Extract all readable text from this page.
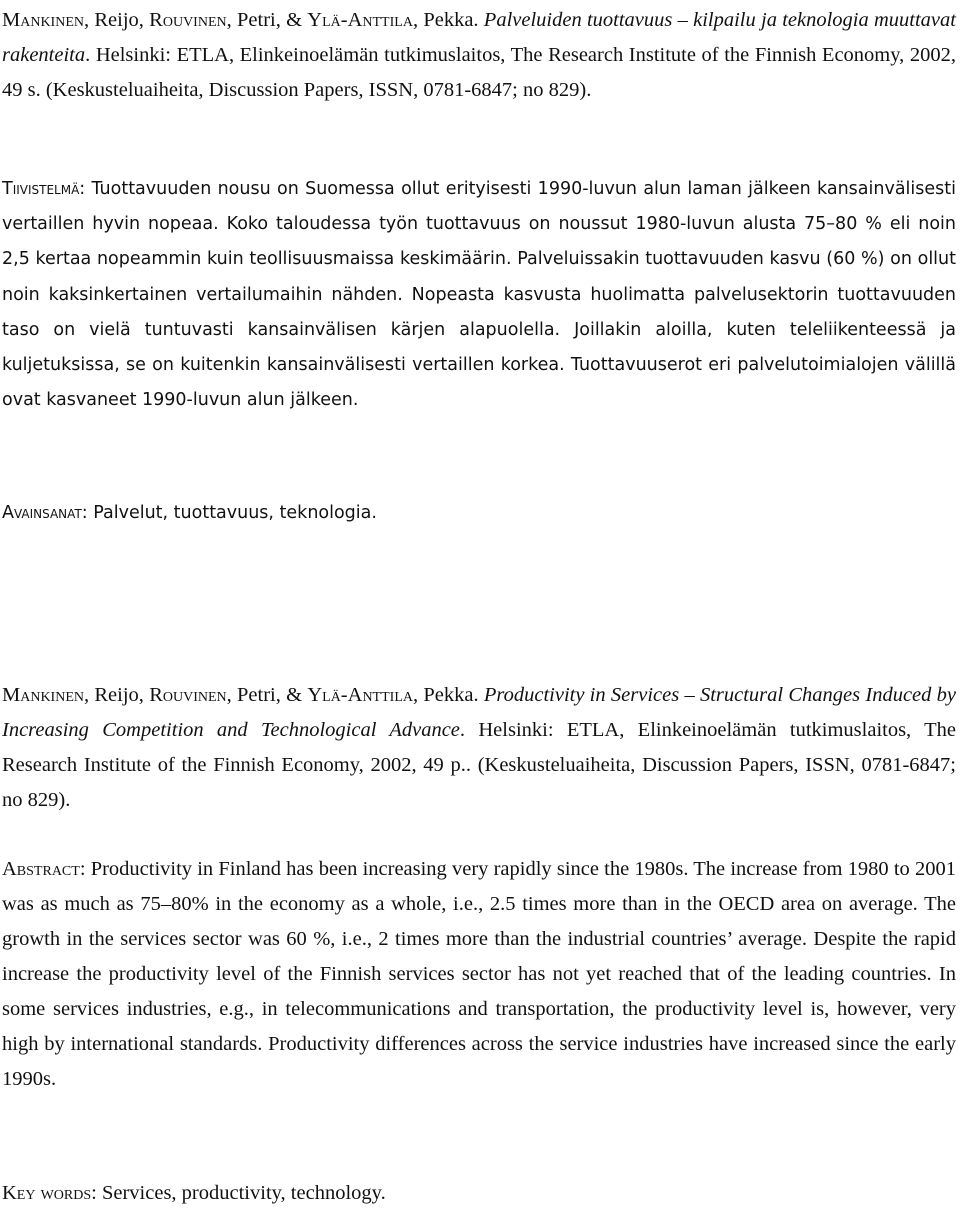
Mankinen, Reijo, Rouvinen, Petri, & Ylä-Anttila, Pekka. Palveluiden tuottavuus – kilpailu ja teknologia muuttavat rakenteita. Helsinki: ETLA, Elinkeinoelämän tutkimuslaitos, The Research Institute of the Finnish Economy, 2002, 49 s. (Keskusteluaiheita, Discussion Papers, ISSN, 0781-6847; no 829).

Tiivistelmä: Tuottavuuden nousu on Suomessa ollut erityisesti 1990-luvun alun laman jälkeen kansainvälisesti vertaillen hyvin nopeaa. Koko taloudessa työn tuottavuus on noussut 1980-luvun alusta 75–80 % eli noin 2,5 kertaa nopeammin kuin teollisuusmaissa keskimäärin. Palveluissakin tuottavuuden kasvu (60 %) on ollut noin kaksinkertainen vertailumaihin nähden. Nopeasta kasvusta huolimatta palvelusektorin tuottavuuden taso on vielä tuntuvasti kansainvälisen kärjen alapuolella. Joillakin aloilla, kuten teleliikenteessä ja kuljetuksissa, se on kuitenkin kansainvälisesti vertaillen korkea. Tuottavuuserot eri palvelutoimialojen välillä ovat kasvaneet 1990-luvun alun jälkeen.

Avainsanat: Palvelut, tuottavuus, teknologia.

Mankinen, Reijo, Rouvinen, Petri, & Ylä-Anttila, Pekka. Productivity in Services – Structural Changes Induced by Increasing Competition and Technological Advance. Helsinki: ETLA, Elinkeinoelämän tutkimuslaitos, The Research Institute of the Finnish Economy, 2002, 49 p.. (Keskusteluaiheita, Discussion Papers, ISSN, 0781-6847; no 829).

Abstract: Productivity in Finland has been increasing very rapidly since the 1980s. The increase from 1980 to 2001 was as much as 75–80% in the economy as a whole, i.e., 2.5 times more than in the OECD area on average. The growth in the services sector was 60 %, i.e., 2 times more than the industrial countries’ average. Despite the rapid increase the productivity level of the Finnish services sector has not yet reached that of the leading countries. In some services industries, e.g., in telecommunications and transportation, the productivity level is, however, very high by international standards. Productivity differences across the service industries have increased since the early 1990s.

Key words: Services, productivity, technology.
